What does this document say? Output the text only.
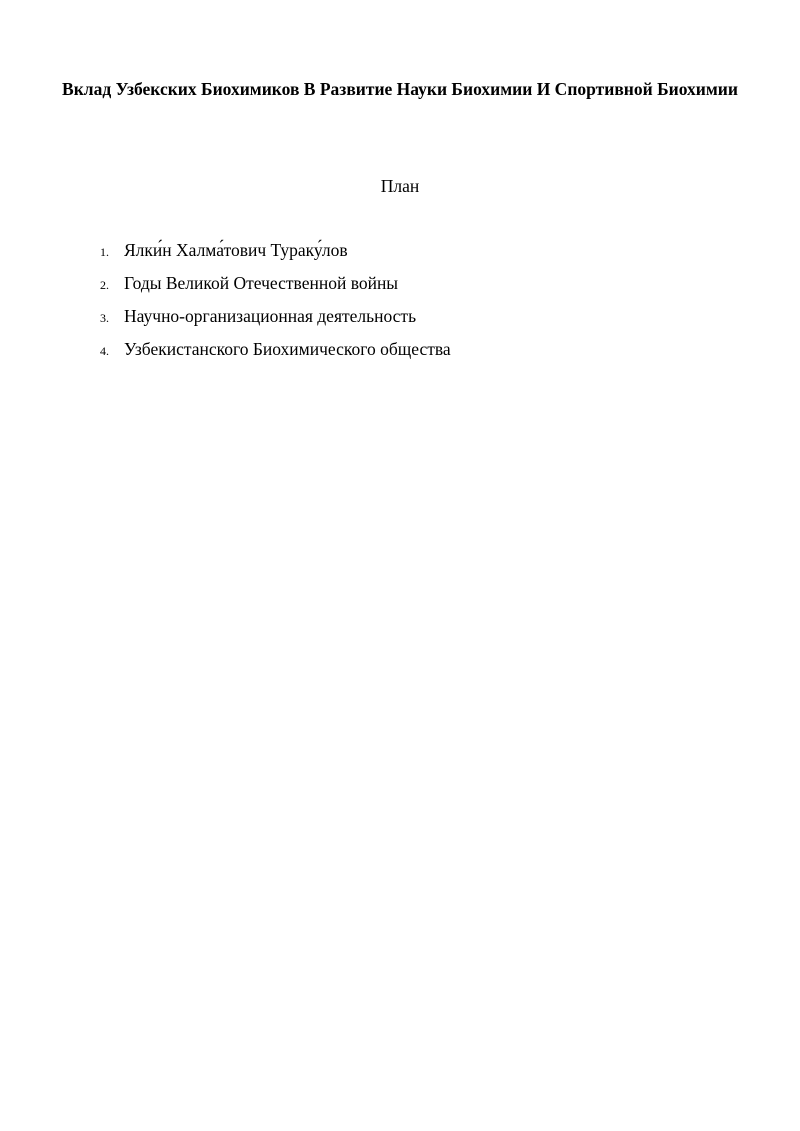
Вклад Узбекских Биохимиков В Развитие Науки Биохимии И Спортивной Биохимии
План
1. Ялки́н Халма́тович Турaку́лов
2. Годы Великой Отечественной войны
3. Научно-организационная деятельность
4. Узбекистанского Биохимического общества
